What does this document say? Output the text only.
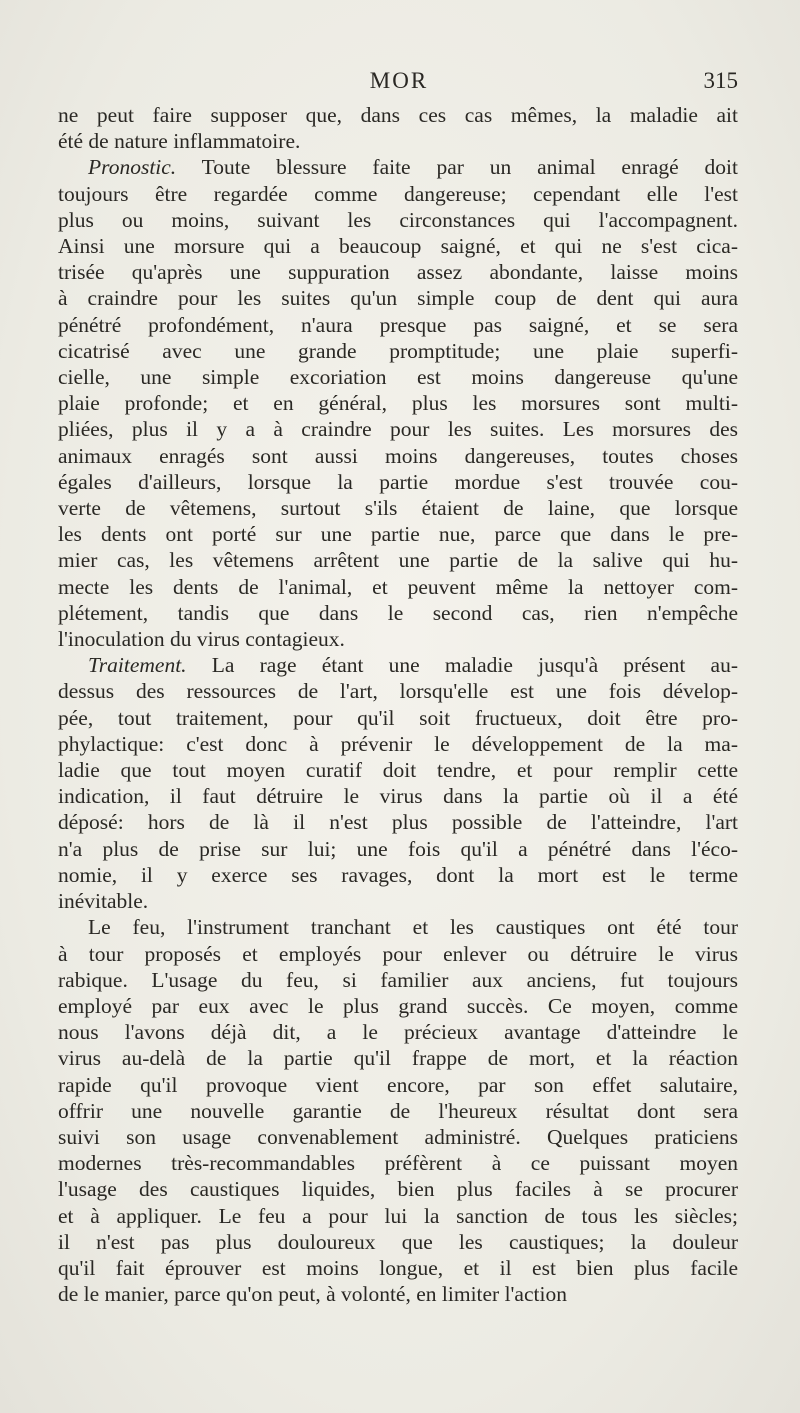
MOR	315
ne peut faire supposer que, dans ces cas mêmes, la maladie ait
été de nature inflammatoire.
Pronostic. Toute blessure faite par un animal enragé doit
toujours être regardée comme dangereuse; cependant elle l'est
plus ou moins, suivant les circonstances qui l'accompagnent.
Ainsi une morsure qui a beaucoup saigné, et qui ne s'est cica-
trisée qu'après une suppuration assez abondante, laisse moins
à craindre pour les suites qu'un simple coup de dent qui aura
pénétré profondément, n'aura presque pas saigné, et se sera
cicatrisé avec une grande promptitude; une plaie superfi-
cielle, une simple excoriation est moins dangereuse qu'une
plaie profonde; et en général, plus les morsures sont multi-
pliées, plus il y a à craindre pour les suites. Les morsures des
animaux enragés sont aussi moins dangereuses, toutes choses
égales d'ailleurs, lorsque la partie mordue s'est trouvée cou-
verte de vêtemens, surtout s'ils étaient de laine, que lorsque
les dents ont porté sur une partie nue, parce que dans le pre-
mier cas, les vêtemens arrêtent une partie de la salive qui hu-
mecte les dents de l'animal, et peuvent même la nettoyer com-
plétement, tandis que dans le second cas, rien n'empêche
l'inoculation du virus contagieux.
Traitement. La rage étant une maladie jusqu'à présent au-
dessus des ressources de l'art, lorsqu'elle est une fois dévelop-
pée, tout traitement, pour qu'il soit fructueux, doit être pro-
phylactique: c'est donc à prévenir le développement de la ma-
ladie que tout moyen curatif doit tendre, et pour remplir cette
indication, il faut détruire le virus dans la partie où il a été
déposé: hors de là il n'est plus possible de l'atteindre, l'art
n'a plus de prise sur lui; une fois qu'il a pénétré dans l'éco-
nomie, il y exerce ses ravages, dont la mort est le terme
inévitable.
Le feu, l'instrument tranchant et les caustiques ont été tour
à tour proposés et employés pour enlever ou détruire le virus
rabique. L'usage du feu, si familier aux anciens, fut toujours
employé par eux avec le plus grand succès. Ce moyen, comme
nous l'avons déjà dit, a le précieux avantage d'atteindre le
virus au-delà de la partie qu'il frappe de mort, et la réaction
rapide qu'il provoque vient encore, par son effet salutaire,
offrir une nouvelle garantie de l'heureux résultat dont sera
suivi son usage convenablement administré. Quelques praticiens
modernes très-recommandables préfèrent à ce puissant moyen
l'usage des caustiques liquides, bien plus faciles à se procurer
et à appliquer. Le feu a pour lui la sanction de tous les siècles;
il n'est pas plus douloureux que les caustiques; la douleur
qu'il fait éprouver est moins longue, et il est bien plus facile
de le manier, parce qu'on peut, à volonté, en limiter l'action
